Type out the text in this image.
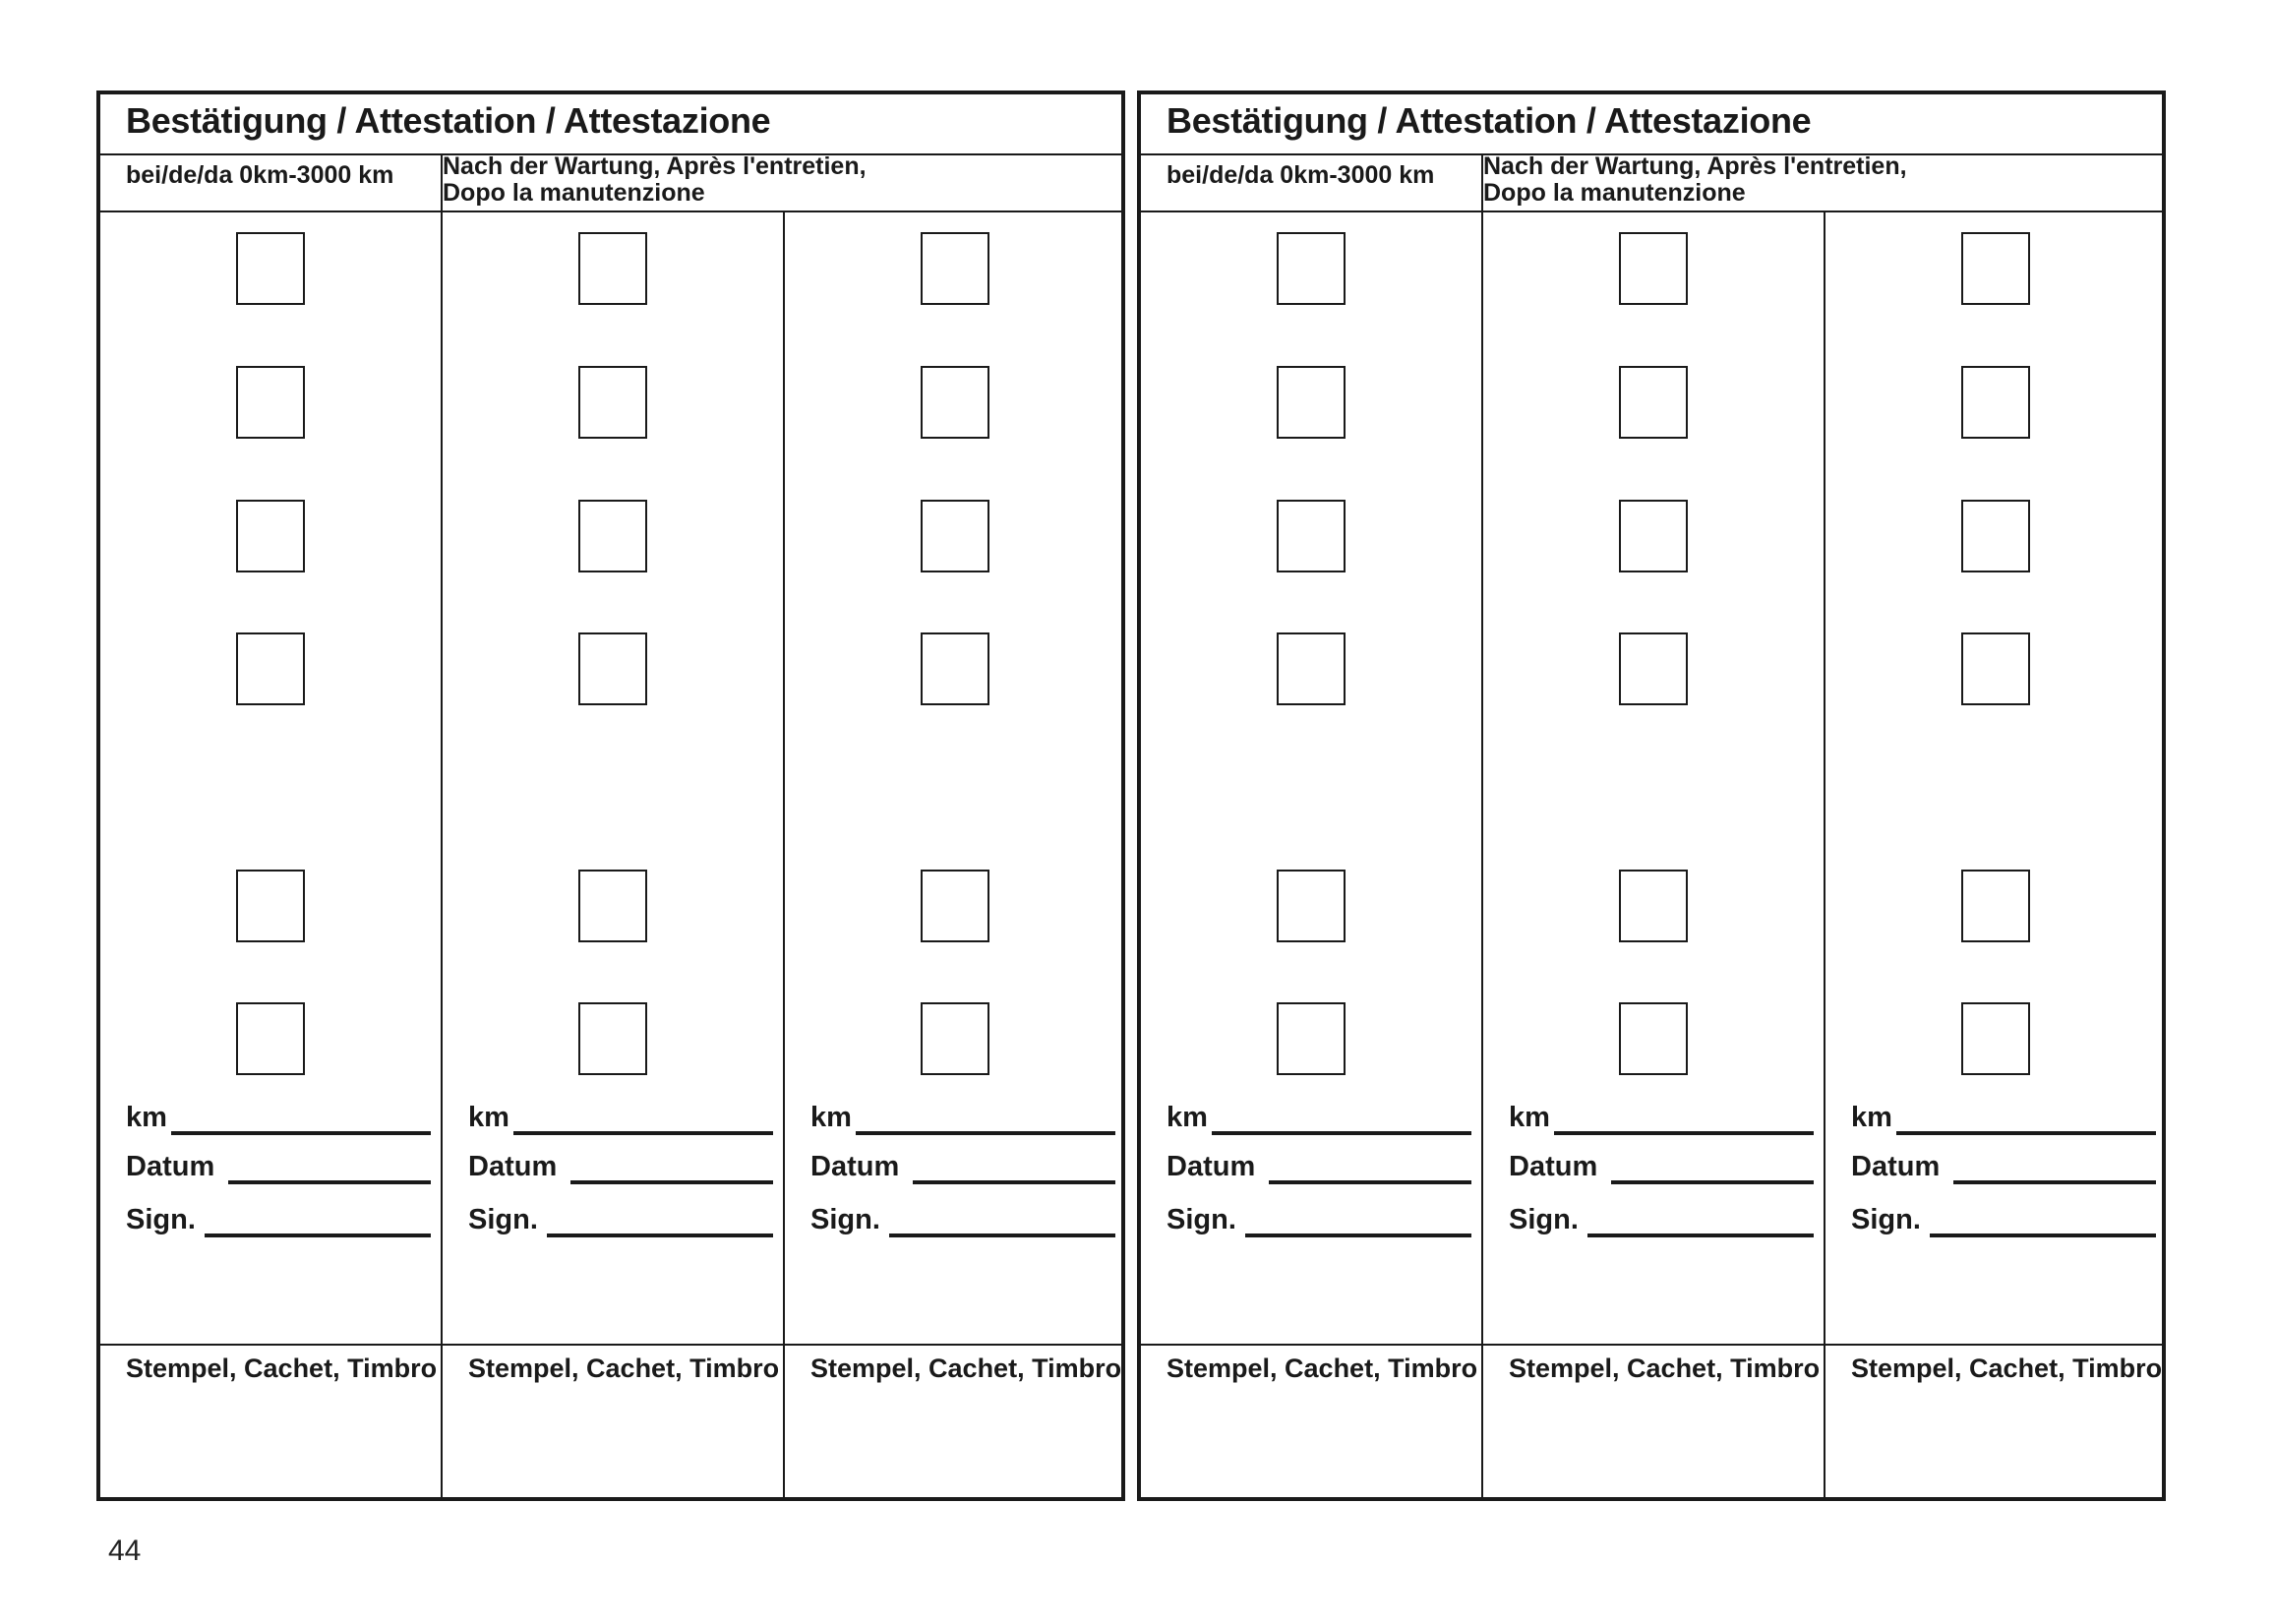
Bestätigung / Attestation / Attestazione
bei/de/da 0km-3000 km Nach der Wartung, Après l'entretien,
Dopo la manutenzione
km
Datum
Sign.
Stempel, Cachet, Timbro
km
Datum
Sign.
Stempel, Cachet, Timbro
km
Datum
Sign.
Stempel, Cachet, Timbro
Bestätigung / Attestation / Attestazione
bei/de/da 0km-3000 km Nach der Wartung, Après l'entretien,
Dopo la manutenzione
km
Datum
Sign.
Stempel, Cachet, Timbro
km
Datum
Sign.
Stempel, Cachet, Timbro
km
Datum
Sign.
Stempel, Cachet, Timbro
44
